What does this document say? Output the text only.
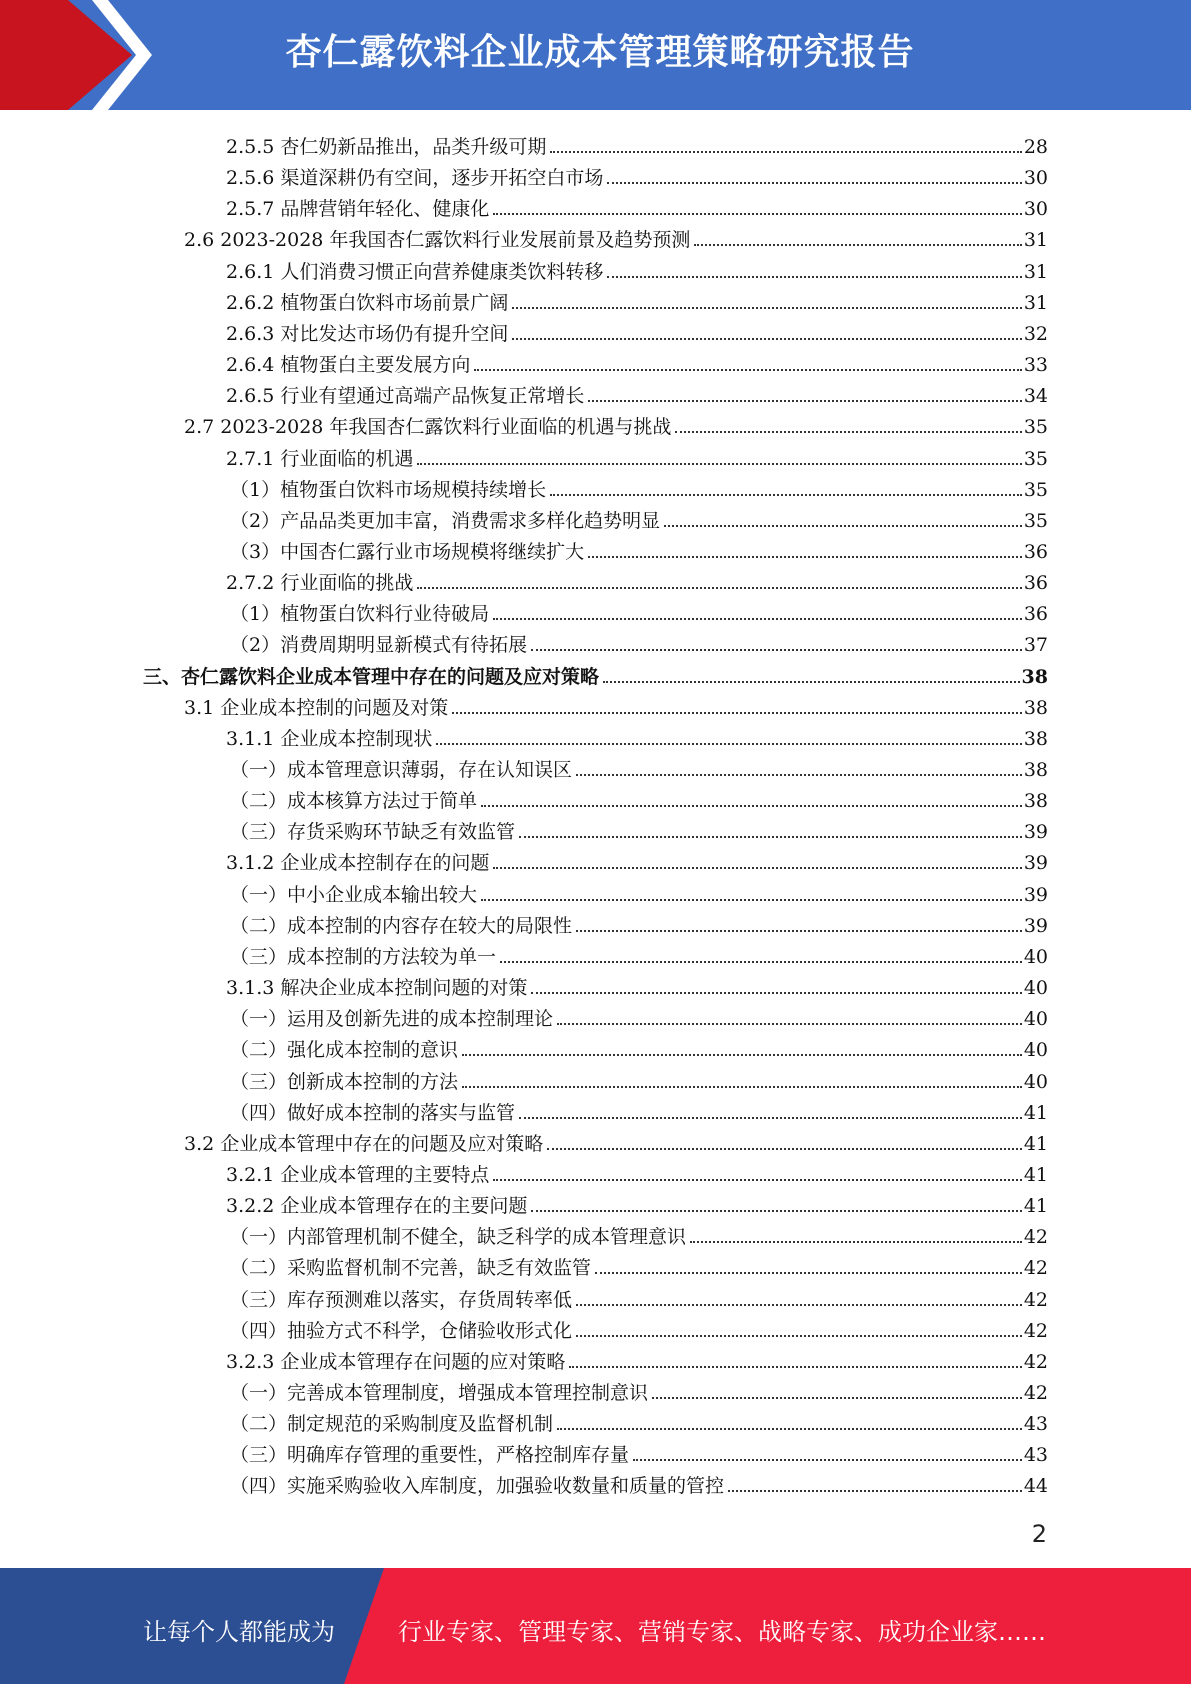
杏仁露饮料企业成本管理策略研究报告
2.5.5 杏仁奶新品推出，品类升级可期	28
2.5.6 渠道深耕仍有空间，逐步开拓空白市场	30
2.5.7 品牌营销年轻化、健康化	30
2.6 2023-2028 年我国杏仁露饮料行业发展前景及趋势预测	31
2.6.1 人们消费习惯正向营养健康类饮料转移	31
2.6.2 植物蛋白饮料市场前景广阔	31
2.6.3 对比发达市场仍有提升空间	32
2.6.4 植物蛋白主要发展方向	33
2.6.5 行业有望通过高端产品恢复正常增长	34
2.7 2023-2028 年我国杏仁露饮料行业面临的机遇与挑战	35
2.7.1 行业面临的机遇	35
（1）植物蛋白饮料市场规模持续增长	35
（2）产品品类更加丰富，消费需求多样化趋势明显	35
（3）中国杏仁露行业市场规模将继续扩大	36
2.7.2 行业面临的挑战	36
（1）植物蛋白饮料行业待破局	36
（2）消费周期明显新模式有待拓展	37
三、杏仁露饮料企业成本管理中存在的问题及应对策略	38
3.1 企业成本控制的问题及对策	38
3.1.1 企业成本控制现状	38
（一）成本管理意识薄弱，存在认知误区	38
（二）成本核算方法过于简单	38
（三）存货采购环节缺乏有效监管	39
3.1.2 企业成本控制存在的问题	39
（一）中小企业成本输出较大	39
（二）成本控制的内容存在较大的局限性	39
（三）成本控制的方法较为单一	40
3.1.3 解决企业成本控制问题的对策	40
（一）运用及创新先进的成本控制理论	40
（二）强化成本控制的意识	40
（三）创新成本控制的方法	40
（四）做好成本控制的落实与监管	41
3.2 企业成本管理中存在的问题及应对策略	41
3.2.1 企业成本管理的主要特点	41
3.2.2 企业成本管理存在的主要问题	41
（一）内部管理机制不健全，缺乏科学的成本管理意识	42
（二）采购监督机制不完善，缺乏有效监管	42
（三）库存预测难以落实，存货周转率低	42
（四）抽验方式不科学，仓储验收形式化	42
3.2.3 企业成本管理存在问题的应对策略	42
（一）完善成本管理制度，增强成本管理控制意识	42
（二）制定规范的采购制度及监督机制	43
（三）明确库存管理的重要性，严格控制库存量	43
（四）实施采购验收入库制度，加强验收数量和质量的管控	44
2
让每个人都能成为	行业专家、管理专家、营销专家、战略专家、成功企业家……
